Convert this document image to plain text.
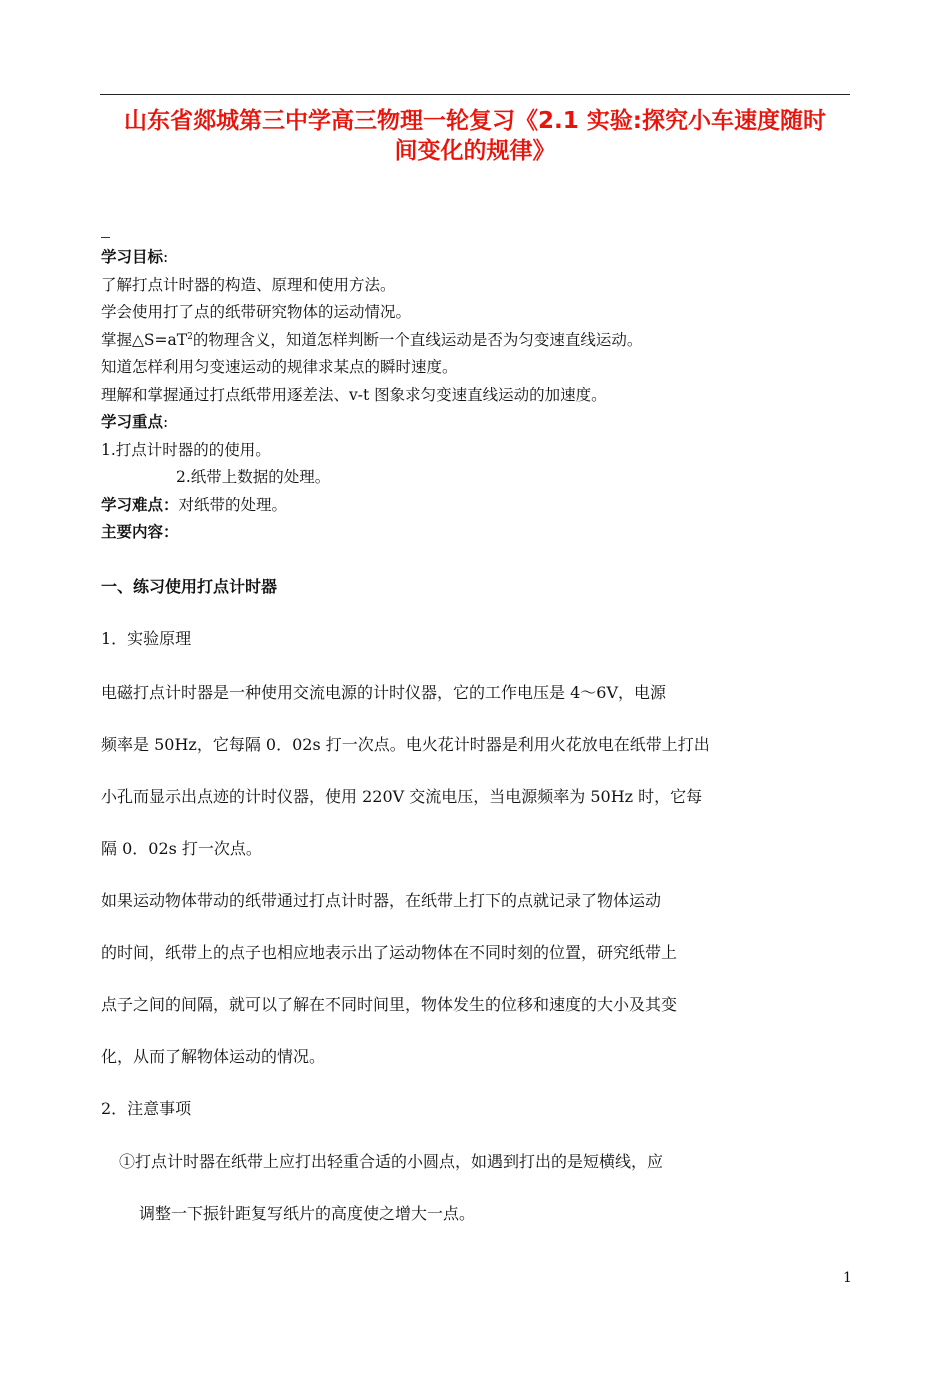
山东省郯城第三中学高三物理一轮复习《2.1 实验:探究小车速度随时
间变化的规律》
学习目标:
了解打点计时器的构造、原理和使用方法。
学会使用打了点的纸带研究物体的运动情况。
掌握$\triangle S=aT^2$的物理含义，知道怎样判断一个直线运动是否为匀变速直线运动。
知道怎样利用匀变速运动的规律求某点的瞬时速度。
理解和掌握通过打点纸带用逐差法、v-t 图象求匀变速直线运动的加速度。
学习重点:
1.打点计时器的的使用。
2.纸带上数据的处理。
学习难点：对纸带的处理。
主要内容：
一、练习使用打点计时器
1．实验原理
电磁打点计时器是一种使用交流电源的计时仪器，它的工作电压是 4～6V，电源
频率是 50Hz，它每隔 0．02s 打一次点。电火花计时器是利用火花放电在纸带上打出
小孔而显示出点迹的计时仪器，使用 220V 交流电压，当电源频率为 50Hz 时，它每
隔 0．02s 打一次点。
如果运动物体带动的纸带通过打点计时器，在纸带上打下的点就记录了物体运动
的时间，纸带上的点子也相应地表示出了运动物体在不同时刻的位置，研究纸带上
点子之间的间隔，就可以了解在不同时间里，物体发生的位移和速度的大小及其变
化，从而了解物体运动的情况。
2．注意事项
①打点计时器在纸带上应打出轻重合适的小圆点，如遇到打出的是短横线，应
调整一下振针距复写纸片的高度使之增大一点。
1
